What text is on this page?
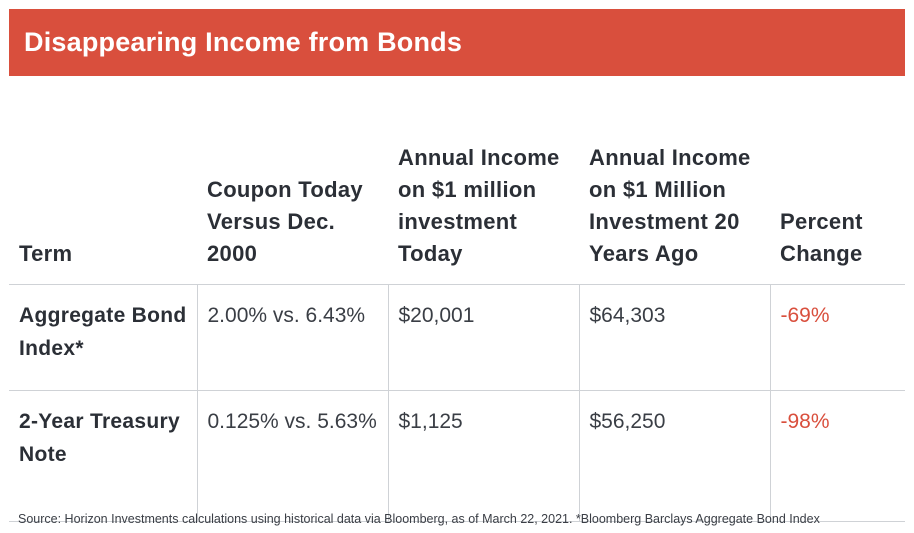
Disappearing Income from Bonds
Term	Coupon Today Versus Dec. 2000	Annual Income on $1 million investment Today	Annual Income on $1 Million Investment 20 Years Ago	Percent Change
Aggregate Bond Index*	2.00% vs. 6.43%	$20,001	$64,303	-69%
2-Year Treasury Note	0.125% vs. 5.63%	$1,125	$56,250	-98%
Source: Horizon Investments calculations using historical data via Bloomberg, as of March 22, 2021. *Bloomberg Barclays Aggregate Bond Index
